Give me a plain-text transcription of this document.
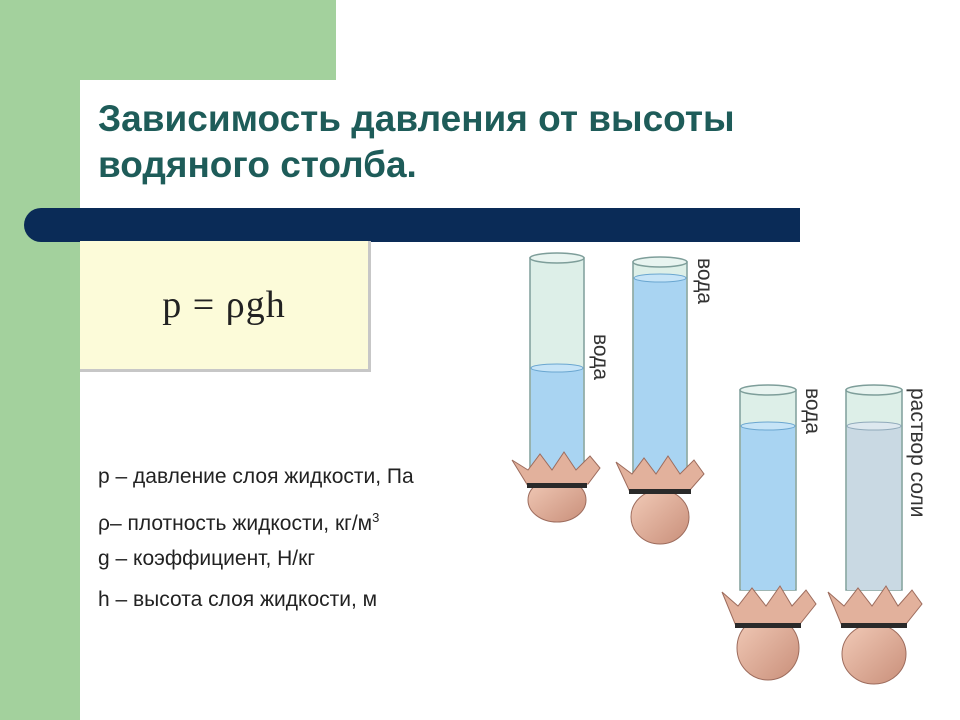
Зависимость давления от высоты
водяного столба.
p = ρgh
p – давление слоя жидкости, Па
ρ– плотность жидкости, $кг/м^3$
g – коэффициент, Н/кг
h – высота слоя жидкости, м
вода
вода
вода	раствор соли
